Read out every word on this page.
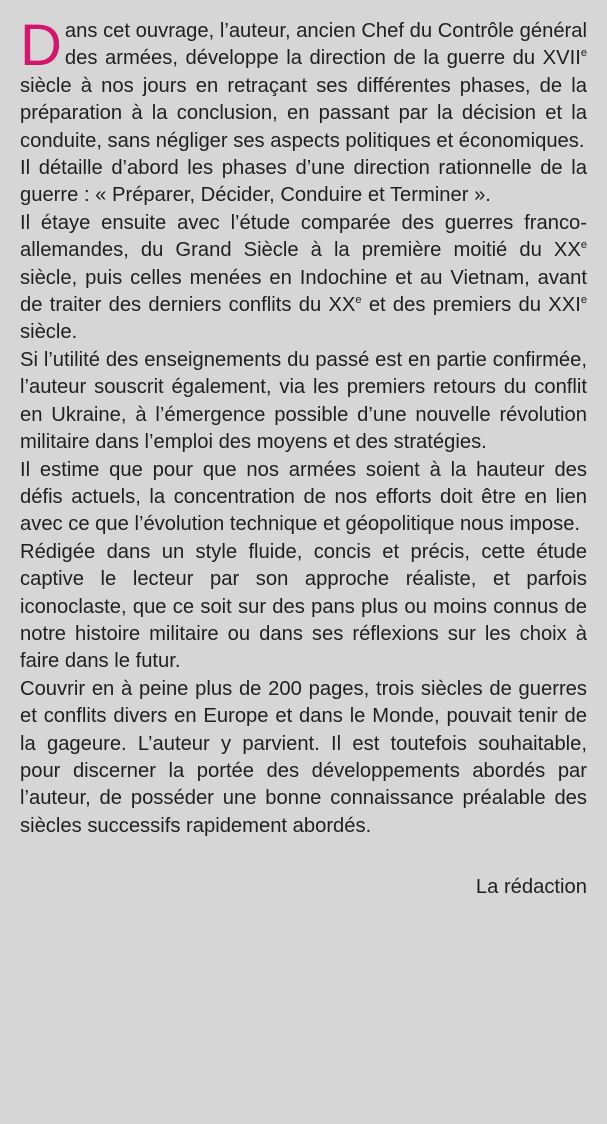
Dans cet ouvrage, l’auteur, ancien Chef du Contrôle général des armées, développe la direction de la guerre du XVIIe siècle à nos jours en retraçant ses différentes phases, de la préparation à la conclusion, en passant par la décision et la conduite, sans négliger ses aspects politiques et économiques.

Il détaille d’abord les phases d’une direction rationnelle de la guerre : « Préparer, Décider, Conduire et Terminer ».

Il étaye ensuite avec l’étude comparée des guerres franco-allemandes, du Grand Siècle à la première moitié du XXe siècle, puis celles menées en Indochine et au Vietnam, avant de traiter des derniers conflits du XXe et des premiers du XXIe siècle.

Si l’utilité des enseignements du passé est en partie confirmée, l’auteur souscrit également, via les premiers retours du conflit en Ukraine, à l’émergence possible d’une nouvelle révolution militaire dans l’emploi des moyens et des stratégies.

Il estime que pour que nos armées soient à la hauteur des défis actuels, la concentration de nos efforts doit être en lien avec ce que l’évolution technique et géopolitique nous impose.

Rédigée dans un style fluide, concis et précis, cette étude captive le lecteur par son approche réaliste, et parfois iconoclaste, que ce soit sur des pans plus ou moins connus de notre histoire militaire ou dans ses réflexions sur les choix à faire dans le futur.

Couvrir en à peine plus de 200 pages, trois siècles de guerres et conflits divers en Europe et dans le Monde, pouvait tenir de la gageure. L’auteur y parvient. Il est toutefois souhaitable, pour discerner la portée des développements abordés par l’auteur, de posséder une bonne connaissance préalable des siècles successifs rapidement abordés.

La rédaction
